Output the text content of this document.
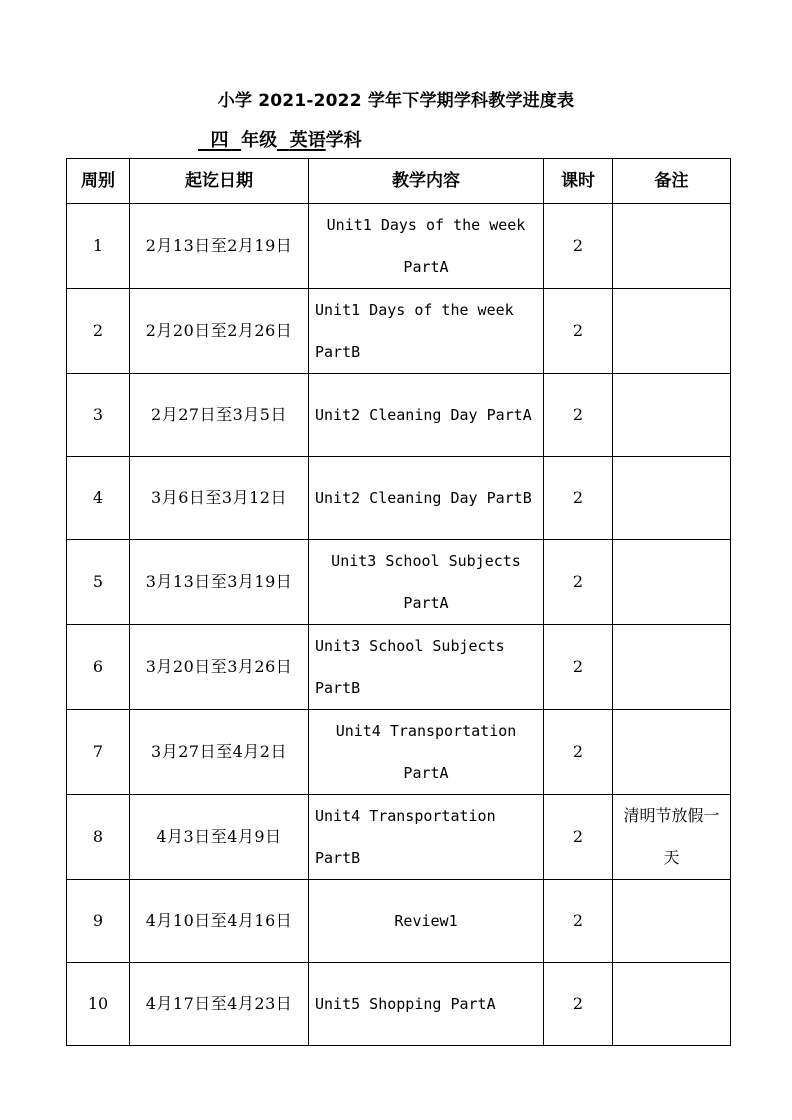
小学 2021-2022 学年下学期学科教学进度表
四 年级 英语学科
周别	起讫日期	教学内容	课时	备注
1	2月13日至2月19日	Unit1 Days of the week PartA	2	
2	2月20日至2月26日	Unit1 Days of the week PartB	2	
3	2月27日至3月5日	Unit2 Cleaning Day PartA	2	
4	3月6日至3月12日	Unit2 Cleaning Day PartB	2	
5	3月13日至3月19日	Unit3 School Subjects PartA	2	
6	3月20日至3月26日	Unit3 School Subjects PartB	2	
7	3月27日至4月2日	Unit4 Transportation PartA	2	
8	4月3日至4月9日	Unit4 Transportation PartB	2	清明节放假一天
9	4月10日至4月16日	Review1	2	
10	4月17日至4月23日	Unit5 Shopping PartA	2	
